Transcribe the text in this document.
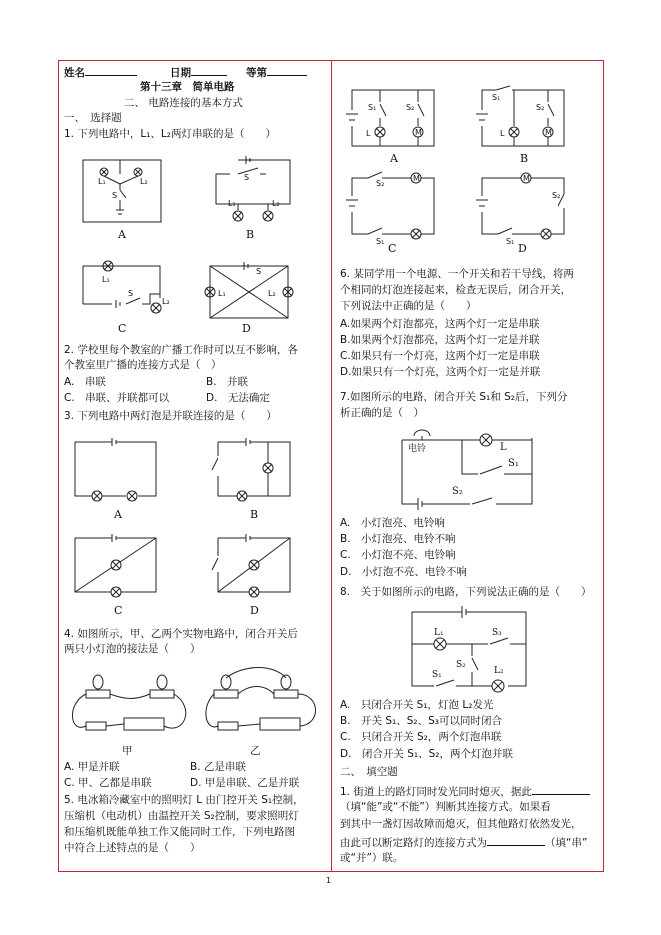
姓名	日期	等第
第十三章　简单电路
二、 电路连接的基本方式
一、　选择题
1. 下列电路中，L₁、L₂两灯串联的是（　　）
L₁	L₂
S
A
S
L₁	L₂
B
L₁
S
L₂
C
L₁	L₂
S
D
2. 学校里每个教室的广播工作时可以互不影响，各
个教室里广播的连接方式是（　）
A.　串联	B.　并联
C.　串联、并联都可以	D.　无法确定
3. 下列电路中两灯泡是并联连接的是（　　）
A	B
C	D
4. 如图所示，甲、乙两个实物电路中，闭合开关后
两只小灯泡的接法是（　　）
甲	乙
A. 甲是并联	B. 乙是串联
C. 甲、乙都是串联	D. 甲是串联、乙是并联
5. 电冰箱冷藏室中的照明灯 L 由门控开关 S₁控制，
压缩机（电动机）由温控开关 S₂控制，要求照明灯
和压缩机既能单独工作又能同时工作，下列电路图
中符合上述特点的是（　　）
M
S₁	S₂
L
A
M
S₁
S₂
L
B
M
S₂
S₁
C
M
S₂
S₁
D
6. 某同学用一个电源、一个开关和若干导线，将两
个相同的灯泡连接起来，检查无误后，闭合开关，
下列说法中正确的是（　　）
A.如果两个灯泡都亮，这两个灯一定是串联
B.如果两个灯泡都亮，这两个灯一定是并联
C.如果只有一个灯亮，这两个灯一定是串联
D.如果只有一个灯亮，这两个灯一定是并联
7.如图所示的电路，闭合开关 S₁和 S₂后，下列分
析正确的是（　）
电铃	L
S₁
S₂
A.　小灯泡亮、电铃响
B.　小灯泡亮、电铃不响
C.　小灯泡不亮、电铃响
D.　小灯泡不亮、电铃不响
8.　关于如图所示的电路，下列说法正确的是（　　）
L₁	S₃
S₂
S₁	L₂
A.　只闭合开关 S₁，灯泡 L₂发光
B.　开关 S₁、S₂、S₃可以同时闭合
C.　只闭合开关 S₂，两个灯泡串联
D.　闭合开关 S₁、S₂，两个灯泡并联
二、　填空题
1. 街道上的路灯同时发光同时熄灭，据此
（填“能”或“不能”）判断其连接方式。如果看
到其中一盏灯因故障而熄灭，但其他路灯依然发光，
由此可以断定路灯的连接方式为	（填“串”
或“并”）联。
1
